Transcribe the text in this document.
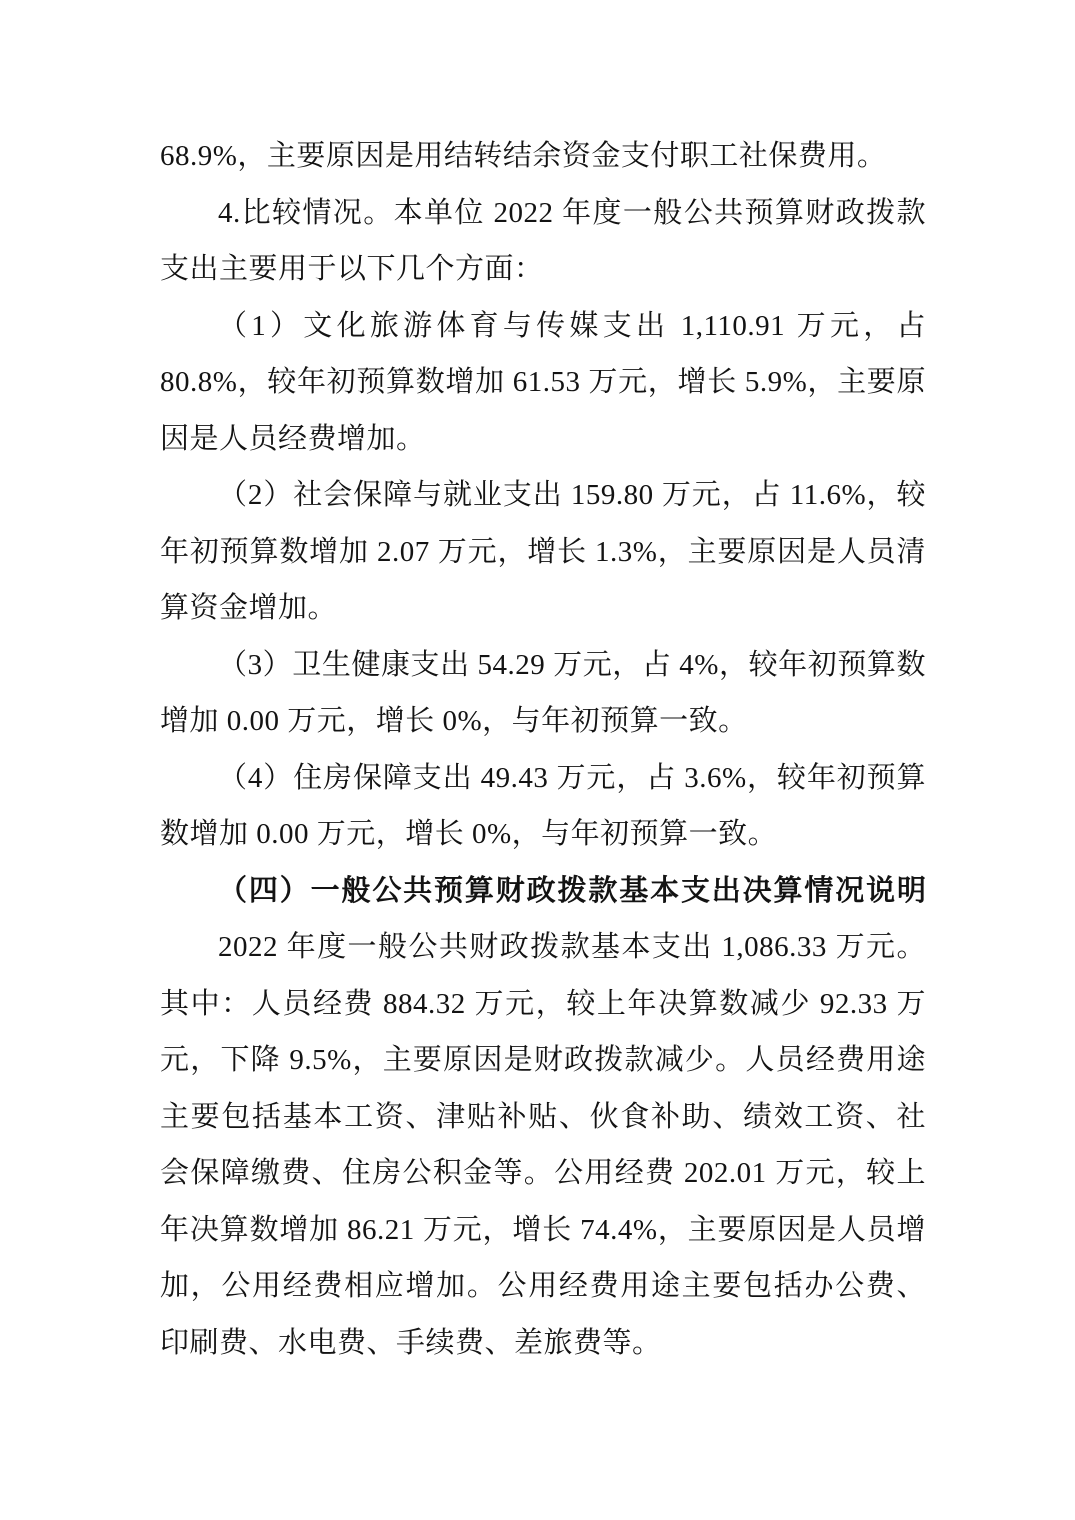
68.9%，主要原因是用结转结余资金支付职工社保费用。
4.比较情况。本单位 2022 年度一般公共预算财政拨款
支出主要用于以下几个方面：
（1）文化旅游体育与传媒支出 1,110.91 万元，占
80.8%，较年初预算数增加 61.53 万元，增长 5.9%，主要原
因是人员经费增加。
（2）社会保障与就业支出 159.80 万元，占 11.6%，较
年初预算数增加 2.07 万元，增长 1.3%，主要原因是人员清
算资金增加。
（3）卫生健康支出 54.29 万元，占 4%，较年初预算数
增加 0.00 万元，增长 0%，与年初预算一致。
（4）住房保障支出 49.43 万元，占 3.6%，较年初预算
数增加 0.00 万元，增长 0%，与年初预算一致。
（四）一般公共预算财政拨款基本支出决算情况说明
2022 年度一般公共财政拨款基本支出 1,086.33 万元。
其中：人员经费 884.32 万元，较上年决算数减少 92.33 万
元，下降 9.5%，主要原因是财政拨款减少。人员经费用途
主要包括基本工资、津贴补贴、伙食补助、绩效工资、社
会保障缴费、住房公积金等。公用经费 202.01 万元，较上
年决算数增加 86.21 万元，增长 74.4%，主要原因是人员增
加，公用经费相应增加。公用经费用途主要包括办公费、
印刷费、水电费、手续费、差旅费等。
